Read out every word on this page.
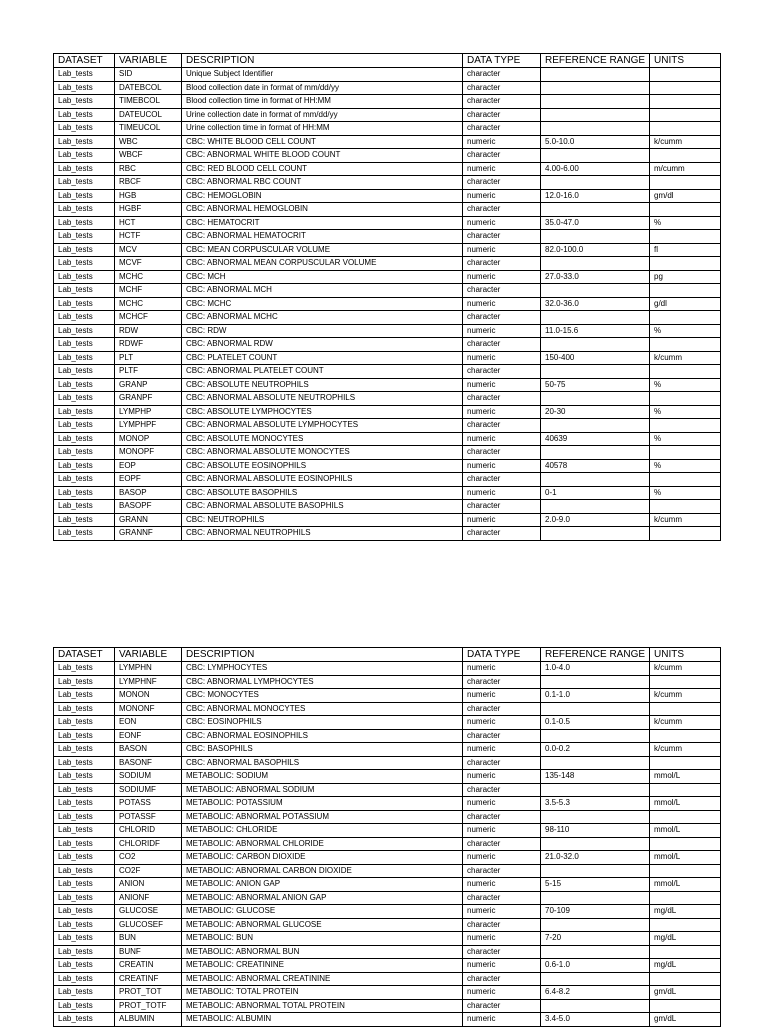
DATASET	VARIABLE	DESCRIPTION	DATA TYPE	REFERENCE RANGE	UNITS
Lab_tests	SID	Unique Subject Identifier	character		
Lab_tests	DATEBCOL	Blood collection date in format of mm/dd/yy	character		
Lab_tests	TIMEBCOL	Blood collection time in format of HH:MM	character		
Lab_tests	DATEUCOL	Urine collection date in format of mm/dd/yy	character		
Lab_tests	TIMEUCOL	Urine collection time in format of HH:MM	character		
Lab_tests	WBC	CBC: WHITE BLOOD CELL COUNT	numeric	5.0-10.0	k/cumm
Lab_tests	WBCF	CBC: ABNORMAL WHITE BLOOD COUNT	character		
Lab_tests	RBC	CBC: RED BLOOD CELL COUNT	numeric	4.00-6.00	m/cumm
Lab_tests	RBCF	CBC: ABNORMAL RBC COUNT	character		
Lab_tests	HGB	CBC: HEMOGLOBIN	numeric	12.0-16.0	gm/dl
Lab_tests	HGBF	CBC: ABNORMAL HEMOGLOBIN	character		
Lab_tests	HCT	CBC: HEMATOCRIT	numeric	35.0-47.0	%
Lab_tests	HCTF	CBC: ABNORMAL HEMATOCRIT	character		
Lab_tests	MCV	CBC: MEAN CORPUSCULAR VOLUME	numeric	82.0-100.0	fl
Lab_tests	MCVF	CBC: ABNORMAL MEAN CORPUSCULAR VOLUME	character		
Lab_tests	MCHC	CBC: MCH	numeric	27.0-33.0	pg
Lab_tests	MCHF	CBC: ABNORMAL MCH	character		
Lab_tests	MCHC	CBC: MCHC	numeric	32.0-36.0	g/dl
Lab_tests	MCHCF	CBC: ABNORMAL MCHC	character		
Lab_tests	RDW	CBC: RDW	numeric	11.0-15.6	%
Lab_tests	RDWF	CBC: ABNORMAL RDW	character		
Lab_tests	PLT	CBC: PLATELET COUNT	numeric	150-400	k/cumm
Lab_tests	PLTF	CBC: ABNORMAL PLATELET COUNT	character		
Lab_tests	GRANP	CBC: ABSOLUTE NEUTROPHILS	numeric	50-75	%
Lab_tests	GRANPF	CBC: ABNORMAL ABSOLUTE NEUTROPHILS	character		
Lab_tests	LYMPHP	CBC: ABSOLUTE LYMPHOCYTES	numeric	20-30	%
Lab_tests	LYMPHPF	CBC: ABNORMAL ABSOLUTE LYMPHOCYTES	character		
Lab_tests	MONOP	CBC: ABSOLUTE MONOCYTES	numeric	40639	%
Lab_tests	MONOPF	CBC: ABNORMAL ABSOLUTE MONOCYTES	character		
Lab_tests	EOP	CBC: ABSOLUTE EOSINOPHILS	numeric	40578	%
Lab_tests	EOPF	CBC: ABNORMAL ABSOLUTE EOSINOPHILS	character		
Lab_tests	BASOP	CBC: ABSOLUTE BASOPHILS	numeric	0-1	%
Lab_tests	BASOPF	CBC: ABNORMAL ABSOLUTE BASOPHILS	character		
Lab_tests	GRANN	CBC: NEUTROPHILS	numeric	2.0-9.0	k/cumm
Lab_tests	GRANNF	CBC: ABNORMAL NEUTROPHILS	character		
DATASET	VARIABLE	DESCRIPTION	DATA TYPE	REFERENCE RANGE	UNITS
Lab_tests	LYMPHN	CBC: LYMPHOCYTES	numeric	1.0-4.0	k/cumm
Lab_tests	LYMPHNF	CBC: ABNORMAL LYMPHOCYTES	character		
Lab_tests	MONON	CBC: MONOCYTES	numeric	0.1-1.0	k/cumm
Lab_tests	MONONF	CBC: ABNORMAL MONOCYTES	character		
Lab_tests	EON	CBC: EOSINOPHILS	numeric	0.1-0.5	k/cumm
Lab_tests	EONF	CBC: ABNORMAL EOSINOPHILS	character		
Lab_tests	BASON	CBC: BASOPHILS	numeric	0.0-0.2	k/cumm
Lab_tests	BASONF	CBC: ABNORMAL BASOPHILS	character		
Lab_tests	SODIUM	METABOLIC: SODIUM	numeric	135-148	mmol/L
Lab_tests	SODIUMF	METABOLIC: ABNORMAL SODIUM	character		
Lab_tests	POTASS	METABOLIC: POTASSIUM	numeric	3.5-5.3	mmol/L
Lab_tests	POTASSF	METABOLIC: ABNORMAL POTASSIUM	character		
Lab_tests	CHLORID	METABOLIC: CHLORIDE	numeric	98-110	mmol/L
Lab_tests	CHLORIDF	METABOLIC: ABNORMAL CHLORIDE	character		
Lab_tests	CO2	METABOLIC: CARBON DIOXIDE	numeric	21.0-32.0	mmol/L
Lab_tests	CO2F	METABOLIC: ABNORMAL CARBON DIOXIDE	character		
Lab_tests	ANION	METABOLIC: ANION GAP	numeric	5-15	mmol/L
Lab_tests	ANIONF	METABOLIC: ABNORMAL ANION GAP	character		
Lab_tests	GLUCOSE	METABOLIC: GLUCOSE	numeric	70-109	mg/dL
Lab_tests	GLUCOSEF	METABOLIC: ABNORMAL GLUCOSE	character		
Lab_tests	BUN	METABOLIC: BUN	numeric	7-20	mg/dL
Lab_tests	BUNF	METABOLIC: ABNORMAL BUN	character		
Lab_tests	CREATIN	METABOLIC: CREATININE	numeric	0.6-1.0	mg/dL
Lab_tests	CREATINF	METABOLIC: ABNORMAL CREATININE	character		
Lab_tests	PROT_TOT	METABOLIC: TOTAL PROTEIN	numeric	6.4-8.2	gm/dL
Lab_tests	PROT_TOTF	METABOLIC: ABNORMAL TOTAL PROTEIN	character		
Lab_tests	ALBUMIN	METABOLIC: ALBUMIN	numeric	3.4-5.0	gm/dL
